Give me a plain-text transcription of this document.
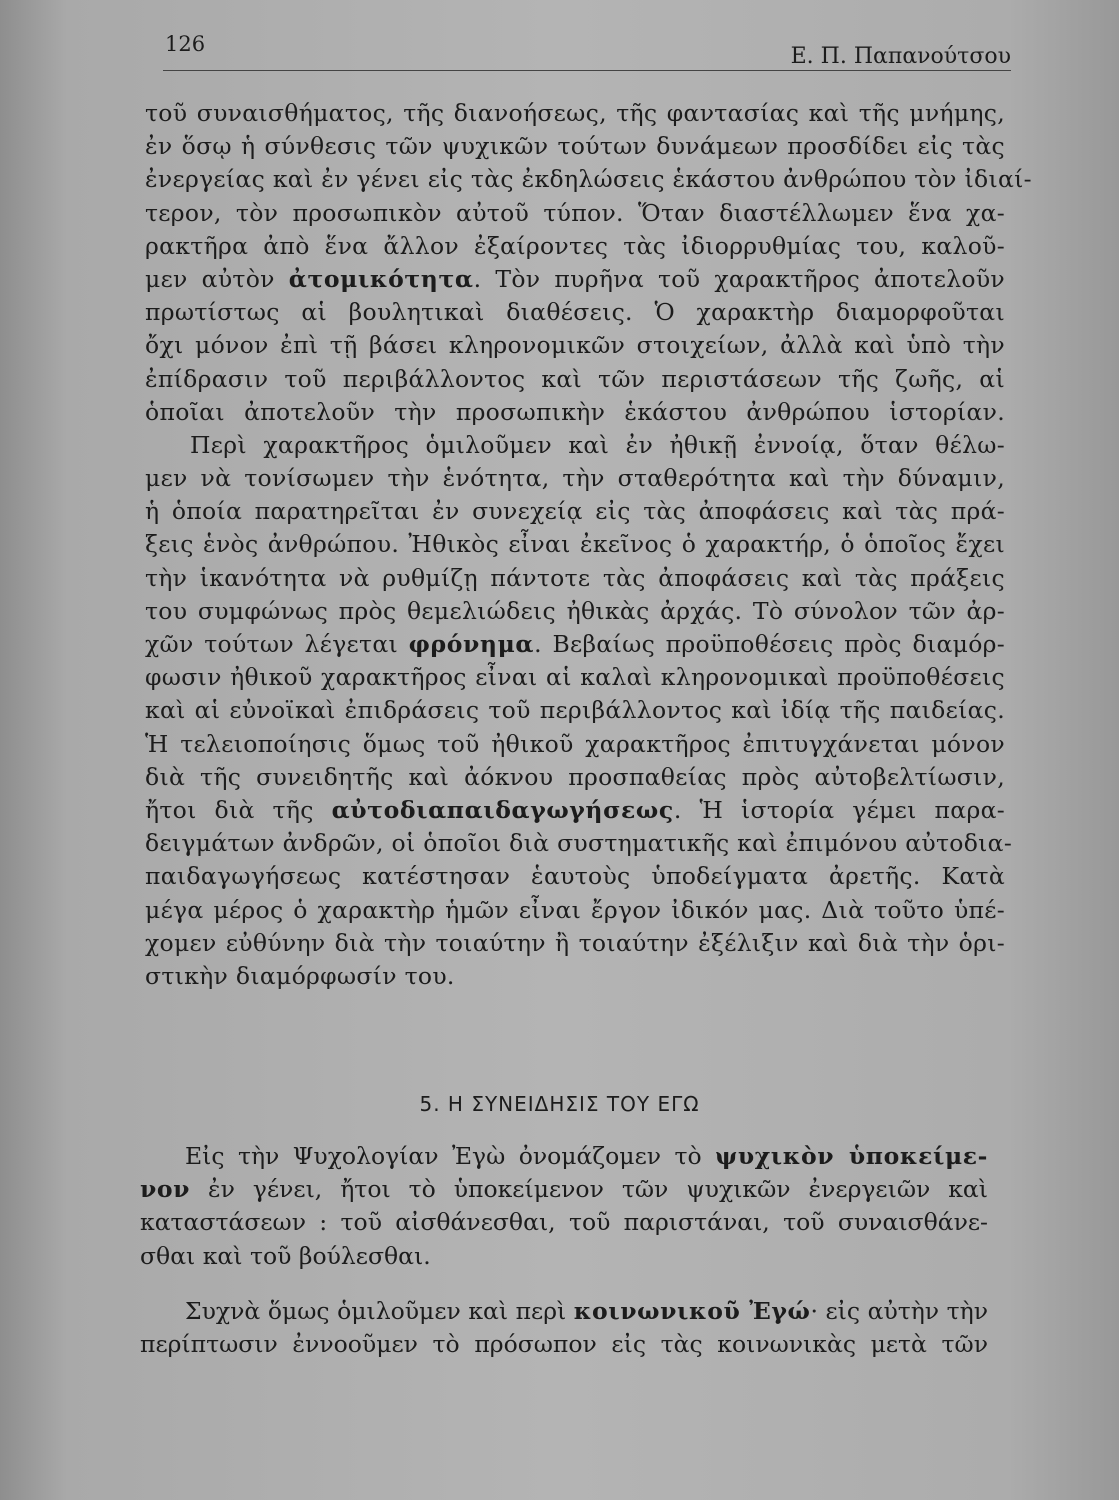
126	Ε. Π. Παπανούτσου
τοῦ συναισθήματος, τῆς διανοήσεως, τῆς φαντασίας καὶ τῆς μνήμης,
ἐν ὅσῳ ἡ σύνθεσις τῶν ψυχικῶν τούτων δυνάμεων προσδίδει εἰς τὰς
ἐνεργείας καὶ ἐν γένει εἰς τὰς ἐκδηλώσεις ἑκάστου ἀνθρώπου τὸν ἰδιαί-
τερον, τὸν προσωπικὸν αὐτοῦ τύπον. Ὅταν διαστέλλωμεν ἕνα χα-
ρακτῆρα ἀπὸ ἕνα ἄλλον ἐξαίροντες τὰς ἰδιορρυθμίας του, καλοῦ-
μεν αὐτὸν ἀτομικότητα. Τὸν πυρῆνα τοῦ χαρακτῆρος ἀποτελοῦν
πρωτίστως αἱ βουλητικαὶ διαθέσεις. Ὁ χαρακτὴρ διαμορφοῦται
ὄχι μόνον ἐπὶ τῇ βάσει κληρονομικῶν στοιχείων, ἀλλὰ καὶ ὑπὸ τὴν
ἐπίδρασιν τοῦ περιβάλλοντος καὶ τῶν περιστάσεων τῆς ζωῆς, αἱ
ὁποῖαι ἀποτελοῦν τὴν προσωπικὴν ἑκάστου ἀνθρώπου ἱστορίαν.
Περὶ χαρακτῆρος ὁμιλοῦμεν καὶ ἐν ἠθικῇ ἐννοίᾳ, ὅταν θέλω-
μεν νὰ τονίσωμεν τὴν ἑνότητα, τὴν σταθερότητα καὶ τὴν δύναμιν,
ἡ ὁποία παρατηρεῖται ἐν συνεχείᾳ εἰς τὰς ἀποφάσεις καὶ τὰς πρά-
ξεις ἑνὸς ἀνθρώπου. Ἠθικὸς εἶναι ἐκεῖνος ὁ χαρακτήρ, ὁ ὁποῖος ἔχει
τὴν ἱκανότητα νὰ ρυθμίζῃ πάντοτε τὰς ἀποφάσεις καὶ τὰς πράξεις
του συμφώνως πρὸς θεμελιώδεις ἠθικὰς ἀρχάς. Τὸ σύνολον τῶν ἀρ-
χῶν τούτων λέγεται φρόνημα. Βεβαίως προϋποθέσεις πρὸς διαμόρ-
φωσιν ἠθικοῦ χαρακτῆρος εἶναι αἱ καλαὶ κληρονομικαὶ προϋποθέσεις
καὶ αἱ εὐνοϊκαὶ ἐπιδράσεις τοῦ περιβάλλοντος καὶ ἰδίᾳ τῆς παιδείας.
Ἡ τελειοποίησις ὅμως τοῦ ἠθικοῦ χαρακτῆρος ἐπιτυγχάνεται μόνον
διὰ τῆς συνειδητῆς καὶ ἀόκνου προσπαθείας πρὸς αὐτοβελτίωσιν,
ἤτοι διὰ τῆς αὐτοδιαπαιδαγωγήσεως. Ἡ ἱστορία γέμει παρα-
δειγμάτων ἀνδρῶν, οἱ ὁποῖοι διὰ συστηματικῆς καὶ ἐπιμόνου αὐτοδια-
παιδαγωγήσεως κατέστησαν ἑαυτοὺς ὑποδείγματα ἀρετῆς. Κατὰ
μέγα μέρος ὁ χαρακτὴρ ἡμῶν εἶναι ἔργον ἰδικόν μας. Διὰ τοῦτο ὑπέ-
χομεν εὐθύνην διὰ τὴν τοιαύτην ἢ τοιαύτην ἐξέλιξιν καὶ διὰ τὴν ὁρι-
στικὴν διαμόρφωσίν του.
5. Η ΣΥΝΕΙΔΗΣΙΣ ΤΟΥ ΕΓΩ
Εἰς τὴν Ψυχολογίαν Ἐγὼ ὀνομάζομεν τὸ ψυχικὸν ὑποκείμε-
νον ἐν γένει, ἤτοι τὸ ὑποκείμενον τῶν ψυχικῶν ἐνεργειῶν καὶ
καταστάσεων : τοῦ αἰσθάνεσθαι, τοῦ παριστάναι, τοῦ συναισθάνε-
σθαι καὶ τοῦ βούλεσθαι.
Συχνὰ ὅμως ὁμιλοῦμεν καὶ περὶ κοινωνικοῦ Ἐγώ· εἰς αὐτὴν τὴν
περίπτωσιν ἐννοοῦμεν τὸ πρόσωπον εἰς τὰς κοινωνικὰς μετὰ τῶν
